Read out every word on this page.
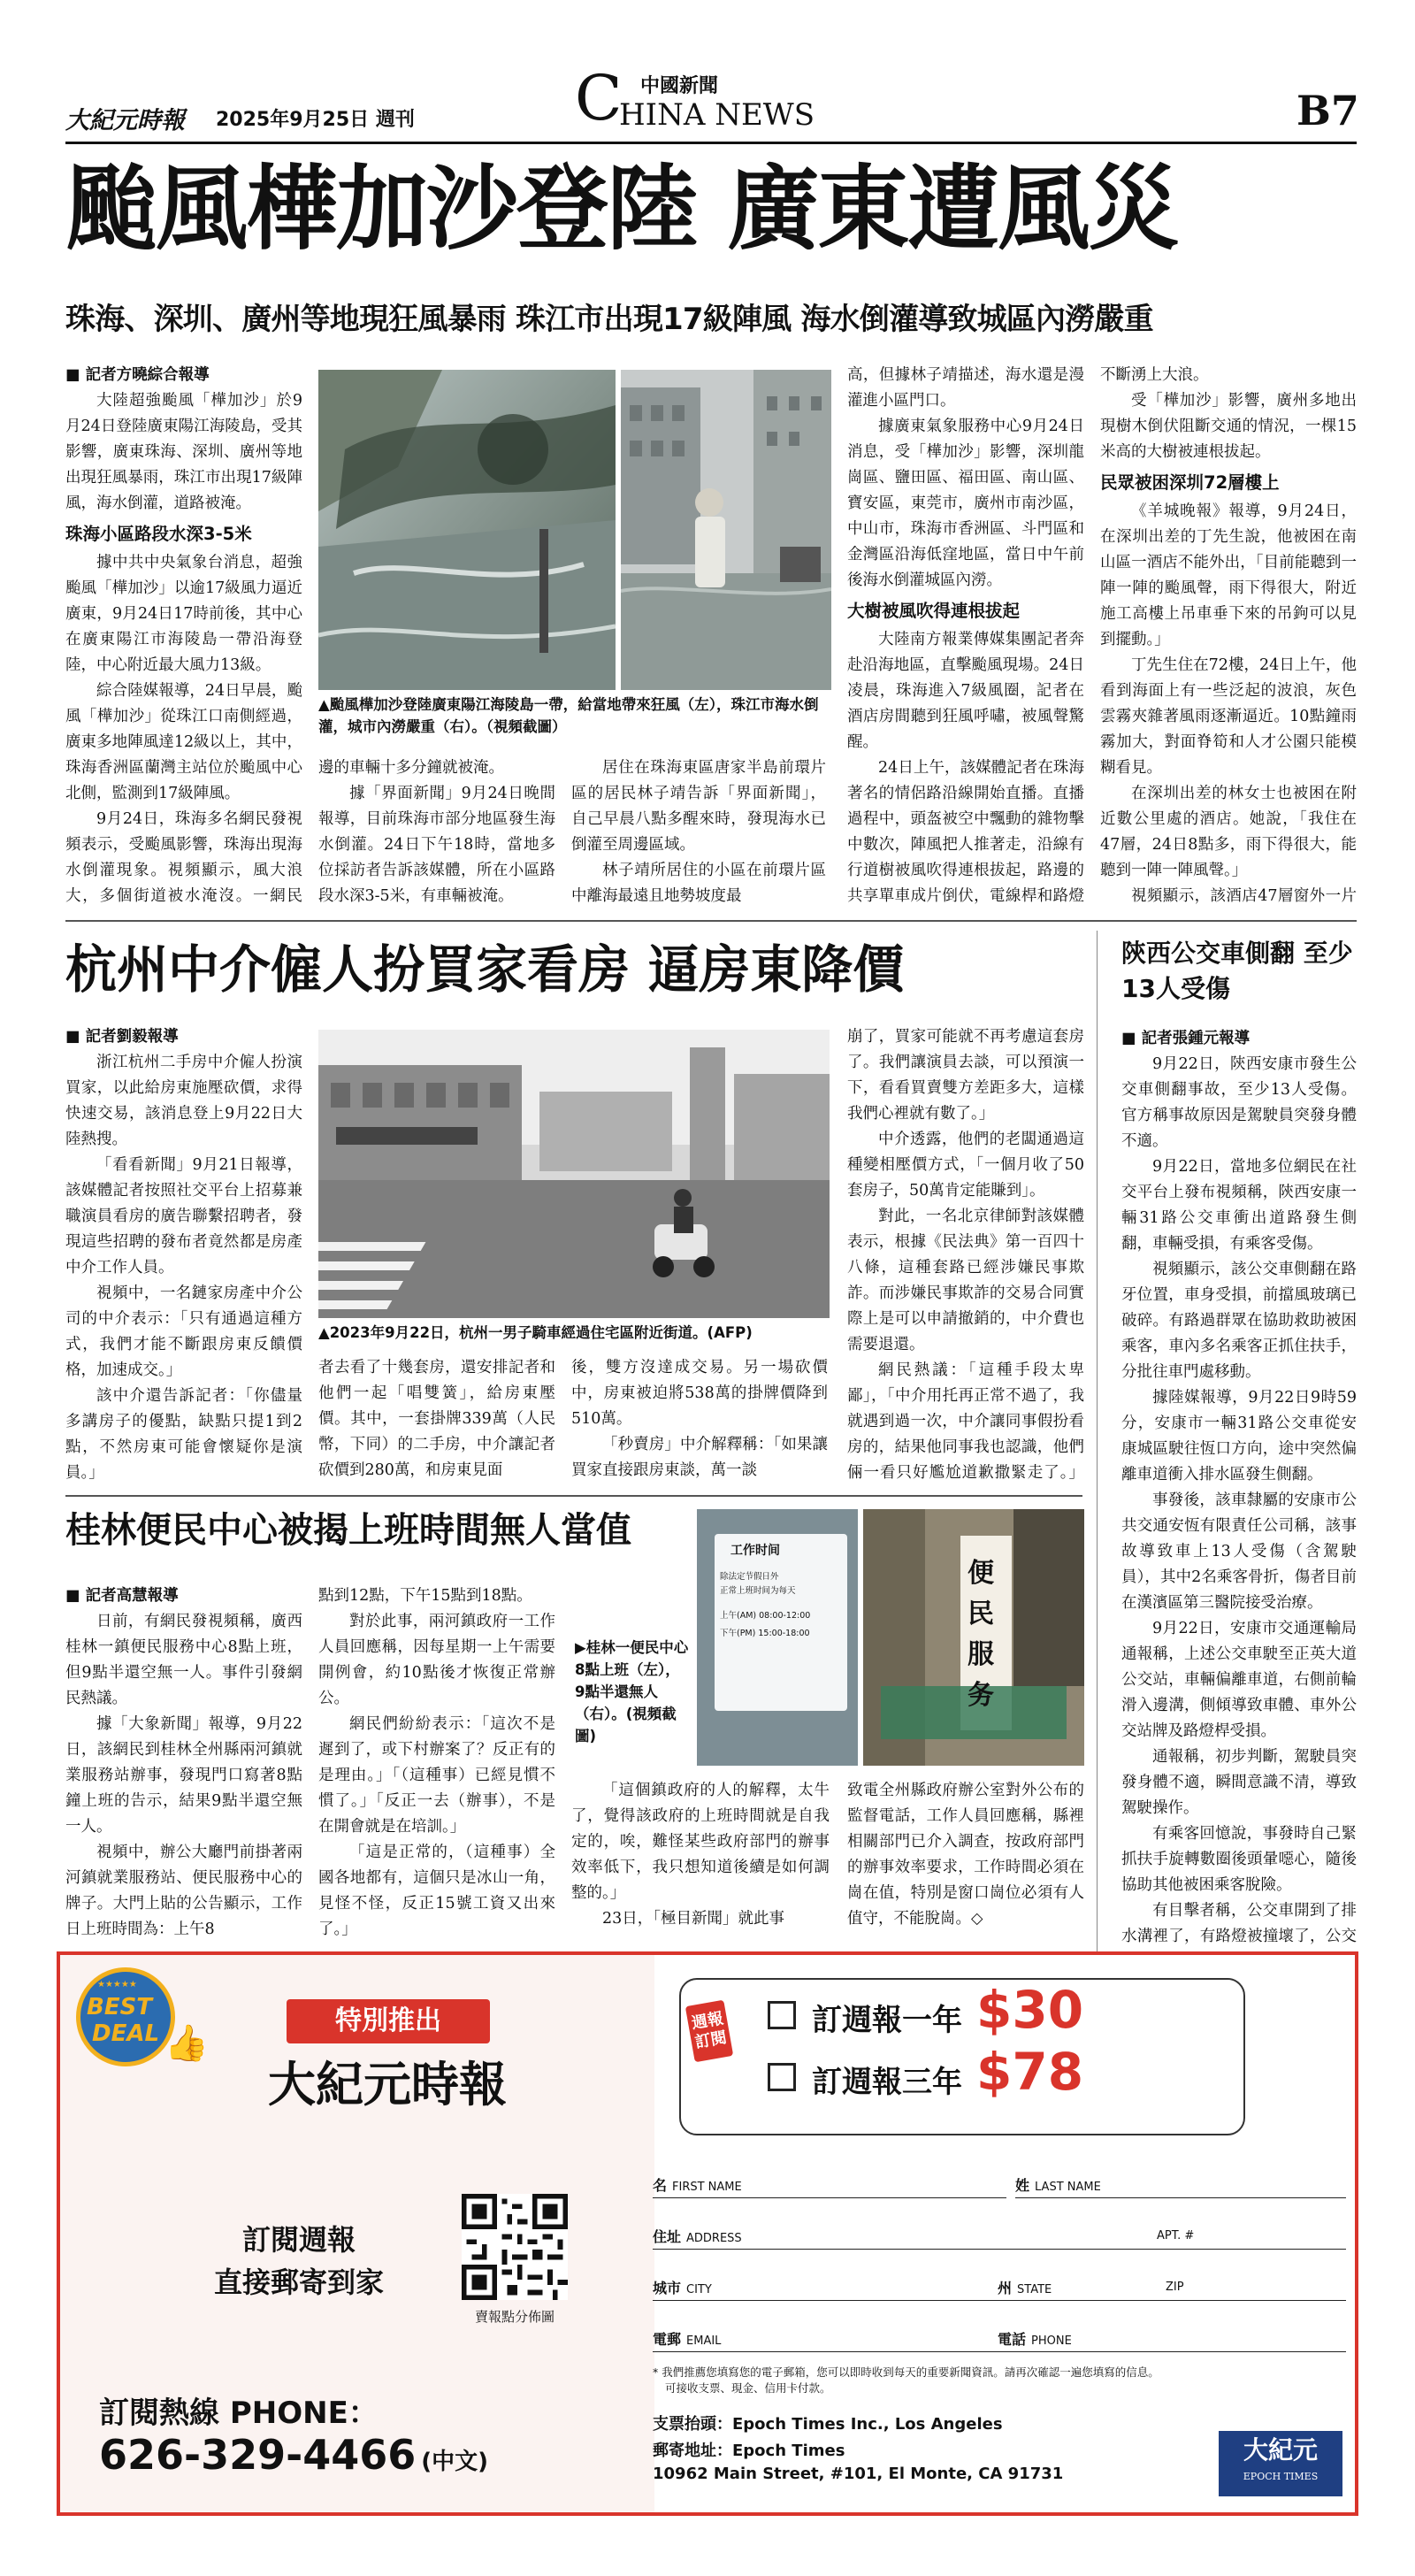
大紀元時報 2025年9月25日 週刊	C 中國新聞
HINA NEWS	B7
颱風樺加沙登陸 廣東遭風災
珠海、深圳、廣州等地現狂風暴雨 珠江市出現17級陣風 海水倒灌導致城區內澇嚴重

■ 記者方曉綜合報導

大陸超強颱風「樺加沙」於9月24日登陸廣東陽江海陵島，受其影響，廣東珠海、深圳、廣州等地出現狂風暴雨，珠江市出現17級陣風，海水倒灌，道路被淹。

珠海小區路段水深3-5米

據中共中央氣象台消息，超強颱風「樺加沙」以逾17級風力逼近廣東，9月24日17時前後，其中心在廣東陽江市海陵島一帶沿海登陸，中心附近最大風力13級。

綜合陸媒報導，24日早晨，颱風「樺加沙」從珠江口南側經過，廣東多地陣風達12級以上，其中，珠海香洲區蘭灣主站位於颱風中心北側，監測到17級陣風。

9月24日，珠海多名網民發視頻表示，受颱風影響，珠海出現海水倒灌現象。視頻顯示，風大浪大，多個街道被水淹沒。一網民

▲颱風樺加沙登陸廣東陽江海陵島一帶，給當地帶來狂風（左），珠江市海水倒灌，城市內澇嚴重（右）。（視頻截圖）

邊的車輛十多分鐘就被淹。

據「界面新聞」9月24日晚間報導，目前珠海市部分地區發生海水倒灌。24日下午18時，當地多位採訪者告訴該媒體，所在小區路段水深3-5米，有車輛被淹。

居住在珠海東區唐家半島前環片區的居民林子靖告訴「界面新聞」，自己早晨八點多醒來時，發現海水已倒灌至周邊區域。

林子靖所居住的小區在前環片區中離海最遠且地勢坡度最

高，但據林子靖描述，海水還是漫灌進小區門口。

據廣東氣象服務中心9月24日消息，受「樺加沙」影響，深圳龍崗區、鹽田區、福田區、南山區、寶安區，東莞市，廣州市南沙區，中山市，珠海市香洲區、斗門區和金灣區沿海低窪地區，當日中午前後海水倒灌城區內澇。

大樹被風吹得連根拔起

大陸南方報業傳媒集團記者奔赴沿海地區，直擊颱風現場。24日凌晨，珠海進入7級風圈，記者在酒店房間聽到狂風呼嘯，被風聲驚醒。

24日上午，該媒體記者在珠海著名的情侶路沿線開始直播。直播過程中，頭盔被空中飄動的雜物擊中數次，陣風把人推著走，沿線有行道樹被風吹得連根拔起，路邊的共享單車成片倒伏，電線桿和路燈

不斷湧上大浪。

受「樺加沙」影響，廣州多地出現樹木倒伏阻斷交通的情況，一棵15米高的大樹被連根拔起。

民眾被困深圳72層樓上

《羊城晚報》報導，9月24日，在深圳出差的丁先生說，他被困在南山區一酒店不能外出，「目前能聽到一陣一陣的颱風聲，雨下得很大，附近施工高樓上吊車垂下來的吊鉤可以見到擺動。」

丁先生住在72樓，24日上午，他看到海面上有一些泛起的波浪，灰色雲霧夾雜著風雨逐漸逼近。10點鐘雨霧加大，對面脊筍和人才公園只能模糊看見。

在深圳出差的林女士也被困在附近數公里處的酒店。她說，「我住在47層，24日8點多，雨下得很大，能聽到一陣一陣風聲。」

視頻顯示，該酒店47層窗外一片

杭州中介僱人扮買家看房 逼房東降價

■ 記者劉毅報導

浙江杭州二手房中介僱人扮演買家，以此給房東施壓砍價，求得快速交易，該消息登上9月22日大陸熱搜。

「看看新聞」9月21日報導，該媒體記者按照社交平台上招募兼職演員看房的廣告聯繫招聘者，發現這些招聘的發布者竟然都是房產中介工作人員。

視頻中，一名鏈家房產中介公司的中介表示：「只有通過這種方式，我們才能不斷跟房東反饋價格，加速成交。」

該中介還告訴記者：「你儘量多講房子的優點，缺點只提1到2點，不然房東可能會懷疑你是演員。」

▲2023年9月22日，杭州一男子騎車經過住宅區附近街道。(AFP)

者去看了十幾套房，還安排記者和他們一起「唱雙簧」，給房東壓價。其中，一套掛牌339萬（人民幣，下同）的二手房，中介讓記者砍價到280萬，和房東見面

後，雙方沒達成交易。另一場砍價中，房東被迫將538萬的掛牌價降到510萬。

「秒賣房」中介解釋稱：「如果讓買家直接跟房東談，萬一談

崩了，買家可能就不再考慮這套房了。我們讓演員去談，可以預演一下，看看買賣雙方差距多大，這樣我們心裡就有數了。」

中介透露，他們的老闆通過這種變相壓價方式，「一個月收了50套房子，50萬肯定能賺到」。

對此，一名北京律師對該媒體表示，根據《民法典》第一百四十八條，這種套路已經涉嫌民事欺詐。而涉嫌民事欺詐的交易合同實際上是可以申請撤銷的，中介費也需要退還。

網民熱議：「這種手段太卑鄙」，「中介用托再正常不過了，我就遇到過一次，中介讓同事假扮看房的，結果他同事我也認識，他們倆一看只好尷尬道歉撒緊走了。」

陝西公交車側翻 至少13人受傷

■ 記者張鍾元報導

9月22日，陝西安康市發生公交車側翻事故，至少13人受傷。官方稱事故原因是駕駛員突發身體不適。

9月22日，當地多位網民在社交平台上發布視頻稱，陝西安康一輛31路公交車衝出道路發生側翻，車輛受損，有乘客受傷。

視頻顯示，該公交車側翻在路牙位置，車身受損，前擋風玻璃已破碎。有路過群眾在協助救助被困乘客，車內多名乘客正抓住扶手，分批往車門處移動。

據陸媒報導，9月22日9時59分，安康市一輛31路公交車從安康城區駛往恆口方向，途中突然偏離車道衝入排水區發生側翻。

事發後，該車隸屬的安康市公共交通安恆有限責任公司稱，該事故導致車上13人受傷（含駕駛員），其中2名乘客骨折，傷者目前在漢濱區第三醫院接受治療。

9月22日，安康市交通運輸局通報稱，上述公交車駛至正英大道公交站，車輛偏離車道，右側前輪滑入邊溝，側傾導致車體、車外公交站牌及路燈桿受損。

通報稱，初步判斷，駕駛員突發身體不適，瞬間意識不清，導致駕駛操作。

有乘客回憶說，事發時自己緊抓扶手旋轉數圈後頭暈噁心，隨後協助其他被困乘客脫險。

有目擊者稱，公交車開到了排水溝裡了，有路燈被撞壞了，公交

桂林便民中心被揭上班時間無人當值

■ 記者高慧報導

日前，有網民發視頻稱，廣西桂林一鎮便民服務中心8點上班，但9點半還空無一人。事件引發網民熱議。

據「大象新聞」報導，9月22日，該網民到桂林全州縣兩河鎮就業服務站辦事，發現門口寫著8點鐘上班的告示，結果9點半還空無一人。

視頻中，辦公大廳門前掛著兩河鎮就業服務站、便民服務中心的牌子。大門上貼的公告顯示，工作日上班時間為：上午8

點到12點，下午15點到18點。

對於此事，兩河鎮政府一工作人員回應稱，因每星期一上午需要開例會，約10點後才恢復正常辦公。

網民們紛紛表示：「這次不是遲到了，或下村辦案了？反正有的是理由。」「（這種事）已經見慣不慣了。」「反正一去（辦事），不是在開會就是在培訓。」

「這是正常的，（這種事）全國各地都有，這個只是冰山一角，見怪不怪，反正15號工資又出來了。」

▶桂林一便民中心8點上班（左），9點半還無人（右）。(視頻截圖)
工作时间
除法定节假日外
正常上班时间为每天
上午(AM) 08:00-12:00
下午(PM) 15:00-18:00
便民服务

「這個鎮政府的人的解釋，太牛了，覺得該政府的上班時間就是自我定的，唉，難怪某些政府部門的辦事效率低下，我只想知道後續是如何調整的。」

23日，「極目新聞」就此事

致電全州縣政府辦公室對外公布的監督電話，工作人員回應稱，縣裡相關部門已介入調查，按政府部門的辦事效率要求，工作時間必須在崗在值，特別是窗口崗位必須有人值守，不能脫崗。◇

★★★★★
BEST
DEAL 👍
特別推出
大紀元時報
訂閱週報
直接郵寄到家
賣報點分佈圖
訂閱熱線 PHONE：
626-329-4466 (中文)
週報訂閱
訂週報一年 $30
訂週報三年 $78
名 FIRST NAME	姓 LAST NAME
住址 ADDRESS	APT. #
城市 CITY	州 STATE	ZIP
電郵 EMAIL	電話 PHONE
* 我們推薦您填寫您的電子郵箱，您可以即時收到每天的重要新聞資訊。請再次確認一遍您填寫的信息。
可接收支票、現金、信用卡付款。
支票抬頭：Epoch Times Inc., Los Angeles
郵寄地址：Epoch Times
10962 Main Street, #101, El Monte, CA 91731
大紀元
EPOCH TIMES
